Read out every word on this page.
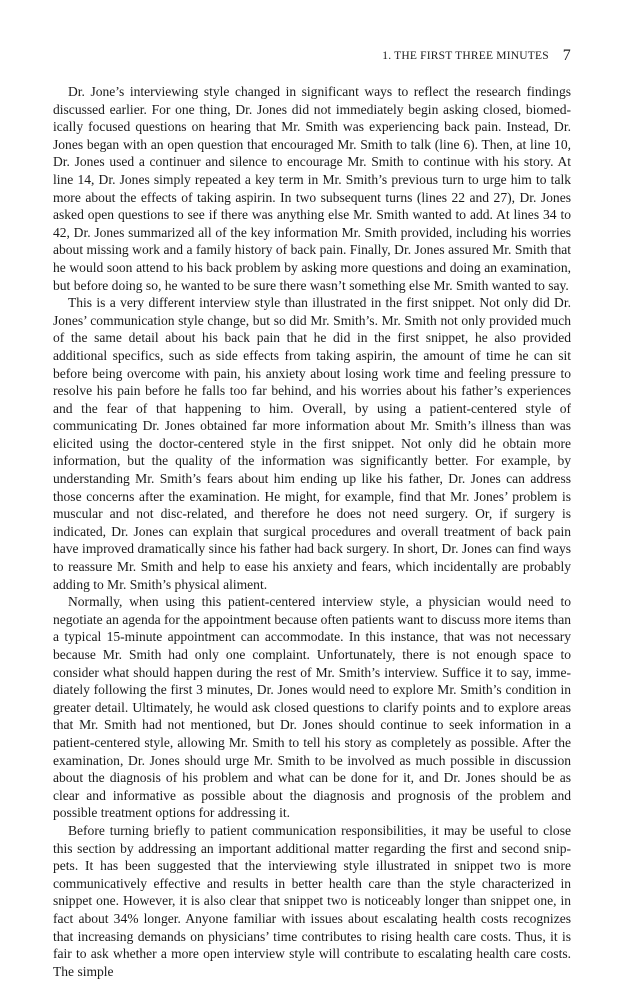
1. THE FIRST THREE MINUTES 7

Dr. Jone’s interviewing style changed in significant ways to reflect the research findings discussed earlier. For one thing, Dr. Jones did not immediately begin asking closed, biomedically focused questions on hearing that Mr. Smith was experiencing back pain. Instead, Dr. Jones began with an open question that encouraged Mr. Smith to talk (line 6). Then, at line 10, Dr. Jones used a continuer and silence to encourage Mr. Smith to continue with his story. At line 14, Dr. Jones simply repeated a key term in Mr. Smith’s previous turn to urge him to talk more about the effects of taking aspirin. In two subsequent turns (lines 22 and 27), Dr. Jones asked open questions to see if there was anything else Mr. Smith wanted to add. At lines 34 to 42, Dr. Jones summarized all of the key information Mr. Smith provided, including his worries about missing work and a family history of back pain. Finally, Dr. Jones assured Mr. Smith that he would soon attend to his back problem by asking more questions and doing an examination, but before doing so, he wanted to be sure there wasn’t something else Mr. Smith wanted to say.

This is a very different interview style than illustrated in the first snippet. Not only did Dr. Jones’ communication style change, but so did Mr. Smith’s. Mr. Smith not only provided much of the same detail about his back pain that he did in the first snippet, he also provided additional specifics, such as side effects from taking aspirin, the amount of time he can sit before being overcome with pain, his anxiety about losing work time and feeling pressure to resolve his pain before he falls too far behind, and his worries about his father’s experiences and the fear of that happening to him. Overall, by using a patient-centered style of communicating Dr. Jones obtained far more information about Mr. Smith’s illness than was elicited using the doctor-centered style in the first snippet. Not only did he obtain more information, but the quality of the information was significantly better. For example, by understanding Mr. Smith’s fears about him ending up like his father, Dr. Jones can address those concerns after the examination. He might, for example, find that Mr. Jones’ problem is muscular and not disc-related, and therefore he does not need surgery. Or, if surgery is indicated, Dr. Jones can explain that surgical procedures and overall treatment of back pain have improved dramatically since his father had back surgery. In short, Dr. Jones can find ways to reassure Mr. Smith and help to ease his anxiety and fears, which incidentally are probably adding to Mr. Smith’s physical aliment.

Normally, when using this patient-centered interview style, a physician would need to negotiate an agenda for the appointment because often patients want to discuss more items than a typical 15-minute appointment can accommodate. In this instance, that was not necessary because Mr. Smith had only one complaint. Unfortunately, there is not enough space to consider what should happen during the rest of Mr. Smith’s interview. Suffice it to say, immediately following the first 3 minutes, Dr. Jones would need to explore Mr. Smith’s condition in greater detail. Ultimately, he would ask closed questions to clarify points and to explore areas that Mr. Smith had not mentioned, but Dr. Jones should continue to seek information in a patient-centered style, allowing Mr. Smith to tell his story as completely as possible. After the examination, Dr. Jones should urge Mr. Smith to be involved as much possible in discussion about the diagnosis of his problem and what can be done for it, and Dr. Jones should be as clear and informative as possible about the diagnosis and prognosis of the problem and possible treatment options for addressing it.

Before turning briefly to patient communication responsibilities, it may be useful to close this section by addressing an important additional matter regarding the first and second snippets. It has been suggested that the interviewing style illustrated in snippet two is more communicatively effective and results in better health care than the style characterized in snippet one. However, it is also clear that snippet two is noticeably longer than snippet one, in fact about 34% longer. Anyone familiar with issues about escalating health costs recognizes that increasing demands on physicians’ time contributes to rising health care costs. Thus, it is fair to ask whether a more open interview style will contribute to escalating health care costs. The simple
